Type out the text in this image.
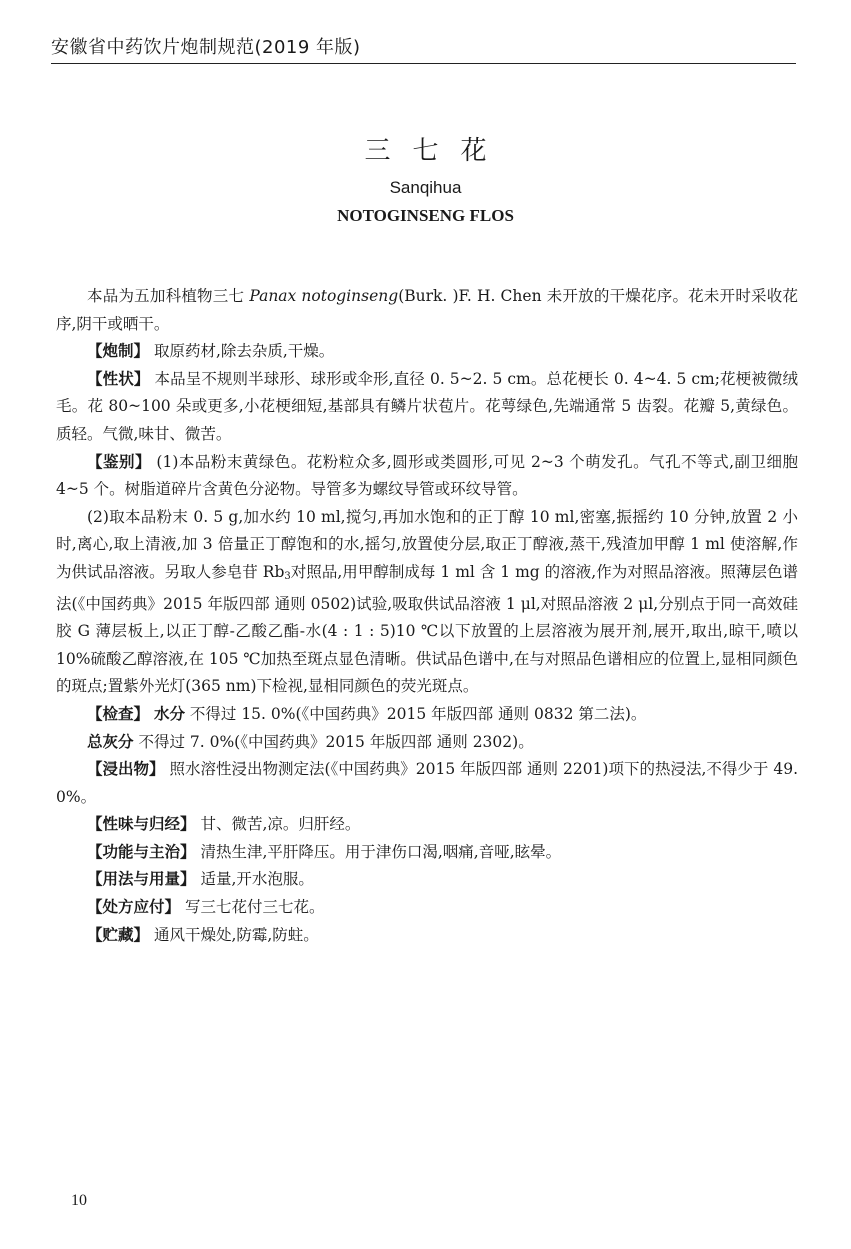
安徽省中药饮片炮制规范(2019 年版)
三七花
Sanqihua
NOTOGINSENG FLOS

本品为五加科植物三七 Panax notoginseng(Burk. )F. H. Chen 未开放的干燥花序。花未开时采收花序,阴干或晒干。

【炮制】 取原药材,除去杂质,干燥。

【性状】 本品呈不规则半球形、球形或伞形,直径 0. 5~2. 5 cm。总花梗长 0. 4~4. 5 cm;花梗被微绒毛。花 80~100 朵或更多,小花梗细短,基部具有鳞片状苞片。花萼绿色,先端通常 5 齿裂。花瓣 5,黄绿色。质轻。气微,味甘、微苦。

【鉴别】 (1)本品粉末黄绿色。花粉粒众多,圆形或类圆形,可见 2~3 个萌发孔。气孔不等式,副卫细胞 4~5 个。树脂道碎片含黄色分泌物。导管多为螺纹导管或环纹导管。

(2)取本品粉末 0. 5 g,加水约 10 ml,搅匀,再加水饱和的正丁醇 10 ml,密塞,振摇约 10 分钟,放置 2 小时,离心,取上清液,加 3 倍量正丁醇饱和的水,摇匀,放置使分层,取正丁醇液,蒸干,残渣加甲醇 1 ml 使溶解,作为供试品溶液。另取人参皂苷 $Rb_3$对照品,用甲醇制成每 1 ml 含 1 mg 的溶液,作为对照品溶液。照薄层色谱法(《中国药典》2015 年版四部 通则 0502)试验,吸取供试品溶液 1 μl,对照品溶液 2 μl,分别点于同一高效硅胶 G 薄层板上,以正丁醇-乙酸乙酯-水(4 : 1 : 5)10 ℃以下放置的上层溶液为展开剂,展开,取出,晾干,喷以 10%硫酸乙醇溶液,在 105 ℃加热至斑点显色清晰。供试品色谱中,在与对照品色谱相应的位置上,显相同颜色的斑点;置紫外光灯(365 nm)下检视,显相同颜色的荧光斑点。

【检查】 水分 不得过 15. 0%(《中国药典》2015 年版四部 通则 0832 第二法)。

总灰分 不得过 7. 0%(《中国药典》2015 年版四部 通则 2302)。

【浸出物】 照水溶性浸出物测定法(《中国药典》2015 年版四部 通则 2201)项下的热浸法,不得少于 49. 0%。

【性味与归经】 甘、微苦,凉。归肝经。

【功能与主治】 清热生津,平肝降压。用于津伤口渴,咽痛,音哑,眩晕。

【用法与用量】 适量,开水泡服。

【处方应付】 写三七花付三七花。

【贮藏】 通风干燥处,防霉,防蛀。

10
